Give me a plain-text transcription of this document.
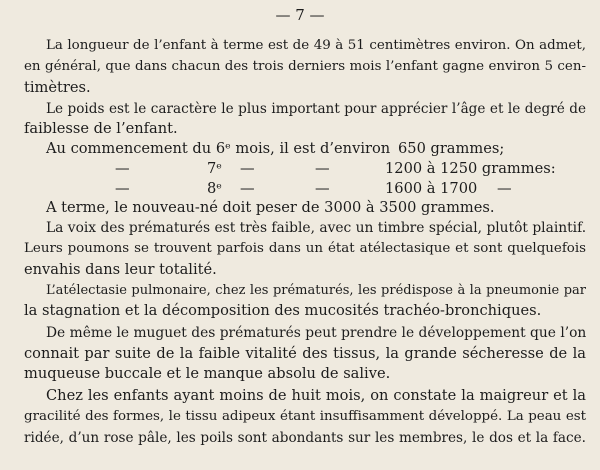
— 7 —
La longueur de l’enfant à terme est de 49 à 51 centimètres environ. On admet,
en général, que dans chacun des trois derniers mois l’enfant gagne environ 5 cen-
timètres.
Le poids est le caractère le plus important pour apprécier l’âge et le degré de
faiblesse de l’enfant.
Au commencement du 6ᵉ mois, il est d’environ 650 grammes;
—	7ᵉ —	—	1200 à 1250 grammes:
—	8ᵉ —	—	1600 à 1700 —
A terme, le nouveau-né doit peser de 3000 à 3500 grammes.
La voix des prématurés est très faible, avec un timbre spécial, plutôt plaintif.
Leurs poumons se trouvent parfois dans un état atélectasique et sont quelquefois
envahis dans leur totalité.
L’atélectasie pulmonaire, chez les prématurés, les prédispose à la pneumonie par
la stagnation et la décomposition des mucosités trachéo-bronchiques.
De même le muguet des prématurés peut prendre le développement que l’on
connait par suite de la faible vitalité des tissus, la grande sécheresse de la
muqueuse buccale et le manque absolu de salive.
Chez les enfants ayant moins de huit mois, on constate la maigreur et la
gracilité des formes, le tissu adipeux étant insuffisamment développé. La peau est
ridée, d’un rose pâle, les poils sont abondants sur les membres, le dos et la face.
